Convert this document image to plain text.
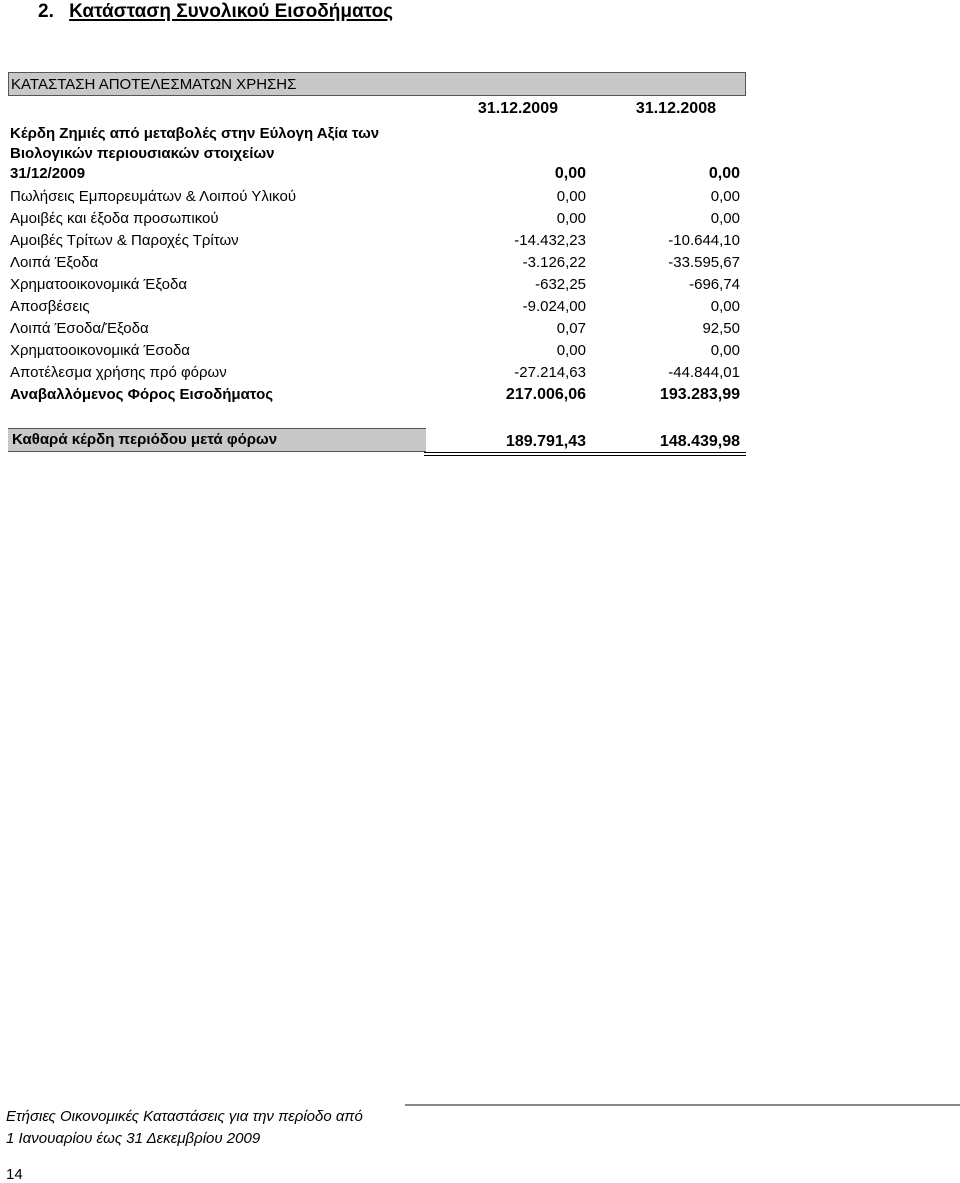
2. Κατάσταση Συνολικού Εισοδήματος
ΚΑΤΑΣΤΑΣΗ ΑΠΟΤΕΛΕΣΜΑΤΩΝ ΧΡΗΣΗΣ
31.12.2009	31.12.2008
Κέρδη Ζημιές από μεταβολές στην Εύλογη Αξία των Βιολογικών περιουσιακών στοιχείων
31/12/2009	0,00	0,00
Πωλήσεις Εμπορευμάτων & Λοιπού Υλικού	0,00	0,00
Αμοιβές και έξοδα προσωπικού	0,00	0,00
Αμοιβές Τρίτων & Παροχές Τρίτων	-14.432,23	-10.644,10
Λοιπά Έξοδα	-3.126,22	-33.595,67
Χρηματοοικονομικά Έξοδα	-632,25	-696,74
Αποσβέσεις	-9.024,00	0,00
Λοιπά Έσοδα/Έξοδα	0,07	92,50
Χρηματοοικονομικά Έσοδα	0,00	0,00
Αποτέλεσμα χρήσης πρό φόρων	-27.214,63	-44.844,01
Αναβαλλόμενος Φόρος Εισοδήματος	217.006,06	193.283,99
Καθαρά κέρδη περιόδου μετά φόρων	189.791,43	148.439,98
Ετήσιες Οικονομικές Καταστάσεις για την περίοδο από
1 Ιανουαρίου έως 31 Δεκεμβρίου 2009
14
